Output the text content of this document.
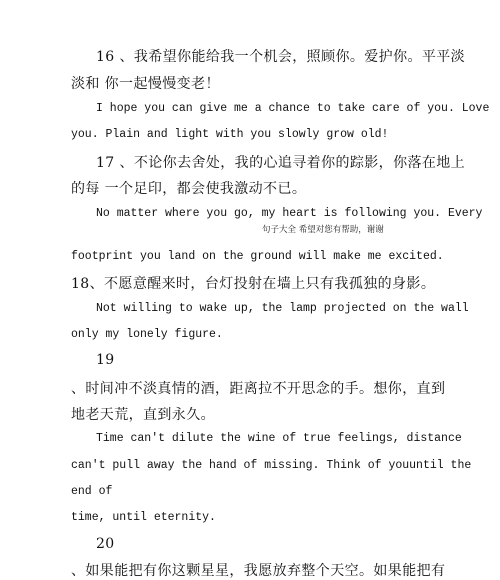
16 、我希望你能给我一个机会，照顾你。爱护你。平平淡
淡和 你一起慢慢变老！
I hope you can give me a chance to take care of you. Love
you. Plain and light with you slowly grow old!
17 、不论你去舍处，我的心追寻着你的踪影，你落在地上
的每 一个足印，都会使我激动不已。
No matter where you go, my heart is following you. Every
句子大全 希望对您有帮助，谢谢
footprint you land on the ground will make me excited.
18、不愿意醒来时，台灯投射在墙上只有我孤独的身影。
Not willing to wake up, the lamp projected on the wall
only my lonely figure.
19
、时间冲不淡真情的酒，距离拉不开思念的手。想你，直到
地老天荒，直到永久。
Time can't dilute the wine of true feelings, distance
can't pull away the hand of missing. Think of youuntil the
end of
time, until eternity.
20
、如果能把有你这颗星星，我愿放弃整个天空。如果能把有
